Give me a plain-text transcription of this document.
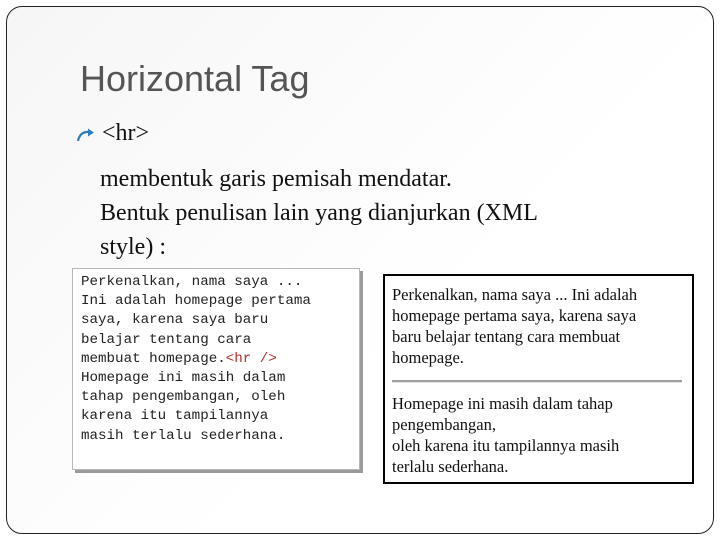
Horizontal Tag
<hr>
membentuk garis pemisah mendatar.
Bentuk penulisan lain yang dianjurkan (XML
style) :
Perkenalkan, nama saya ...
Ini adalah homepage pertama
saya, karena saya baru
belajar tentang cara
membuat homepage.<hr />
Homepage ini masih dalam
tahap pengembangan, oleh
karena itu tampilannya
masih terlalu sederhana.
Perkenalkan, nama saya ... Ini adalah
homepage pertama saya, karena saya
baru belajar tentang cara membuat
homepage.
Homepage ini masih dalam tahap
pengembangan,
oleh karena itu tampilannya masih
terlalu sederhana.
